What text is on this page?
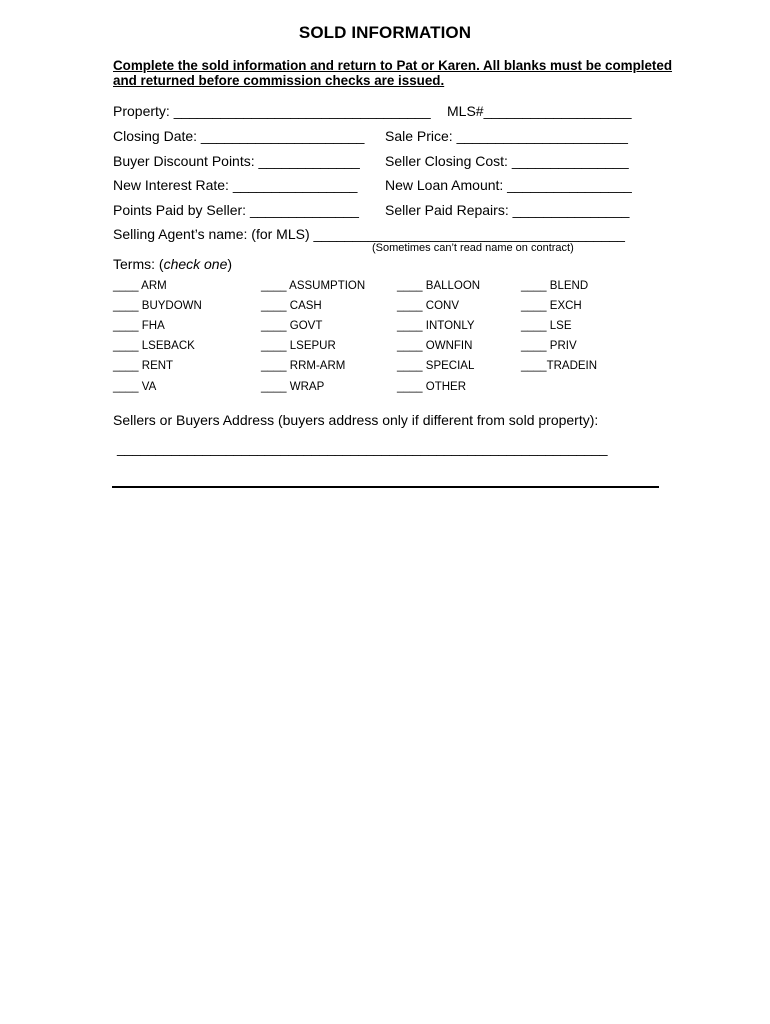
SOLD INFORMATION
Complete the sold information and return to Pat or Karen. All blanks must be completed and returned before commission checks are issued.
Property: _________________________________ MLS#___________________
Closing Date: _____________________ Sale Price: ______________________
Buyer Discount Points: _____________ Seller Closing Cost: _______________
New Interest Rate: ________________ New Loan Amount: ________________
Points Paid by Seller: ______________ Seller Paid Repairs: _______________
Selling Agent’s name: (for MLS) ________________________________________
(Sometimes can’t read name on contract)
Terms: (check one)
____ ARM	____ ASSUMPTION	____ BALLOON	____ BLEND
____ BUYDOWN	____ CASH	____ CONV	____ EXCH
____ FHA	____ GOVT	____ INTONLY	____ LSE
____ LSEBACK	____ LSEPUR	____ OWNFIN	____ PRIV
____ RENT	____ RRM-ARM	____ SPECIAL	____TRADEIN
____ VA	____ WRAP	____ OTHER
Sellers or Buyers Address (buyers address only if different from sold property):
_______________________________________________________________
